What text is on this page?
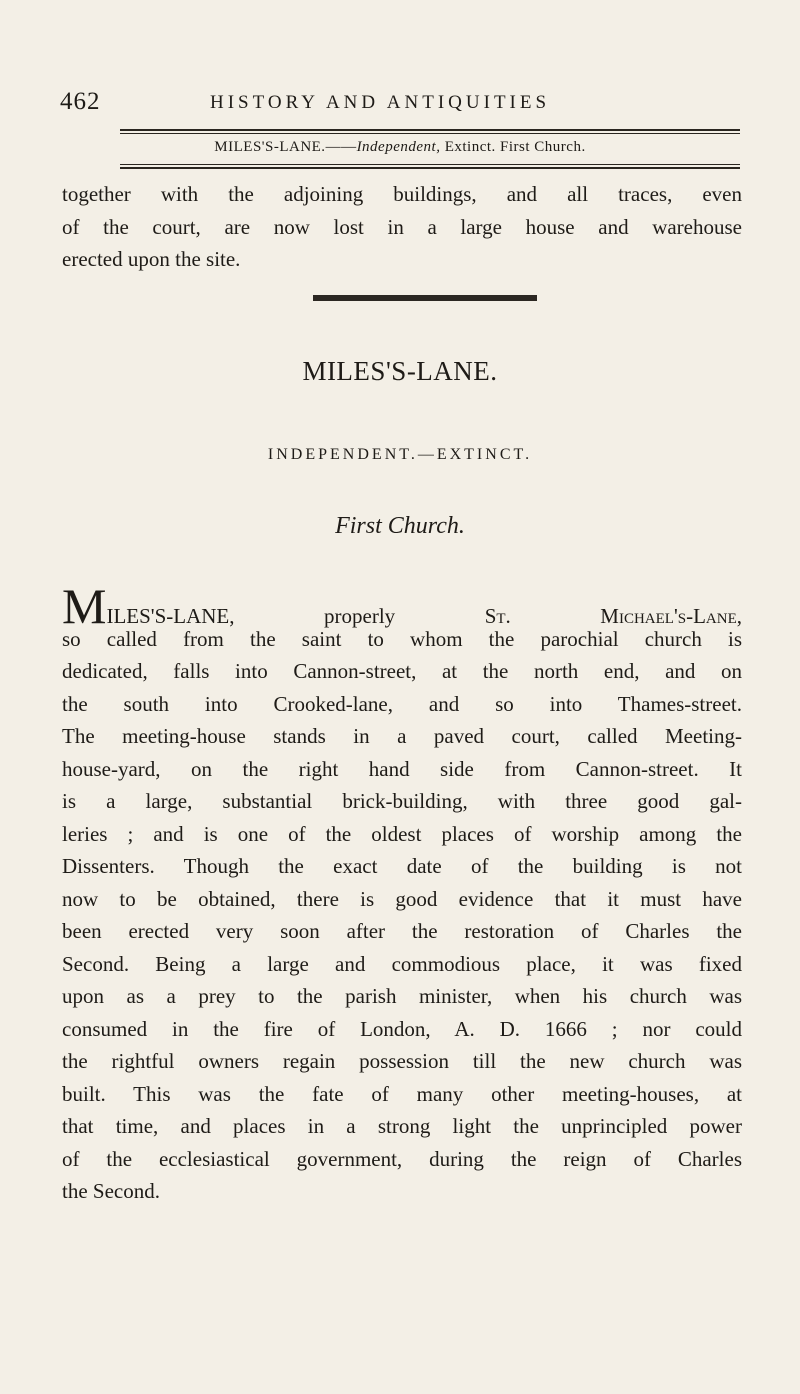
462	HISTORY AND ANTIQUITIES
MILES'S-LANE.——Independent, Extinct. First Church.
together with the adjoining buildings, and all traces, even
of the court, are now lost in a large house and warehouse
erected upon the site.
MILES'S-LANE.
INDEPENDENT.—EXTINCT.
First Church.
MILES'S-LANE, properly St. Michael's-Lane,
so called from the saint to whom the parochial church is
dedicated, falls into Cannon-street, at the north end, and on
the south into Crooked-lane, and so into Thames-street.
The meeting-house stands in a paved court, called Meeting-
house-yard, on the right hand side from Cannon-street. It
is a large, substantial brick-building, with three good gal-
leries ; and is one of the oldest places of worship among the
Dissenters. Though the exact date of the building is not
now to be obtained, there is good evidence that it must have
been erected very soon after the restoration of Charles the
Second. Being a large and commodious place, it was fixed
upon as a prey to the parish minister, when his church was
consumed in the fire of London, A. D. 1666 ; nor could
the rightful owners regain possession till the new church was
built. This was the fate of many other meeting-houses, at
that time, and places in a strong light the unprincipled power
of the ecclesiastical government, during the reign of Charles
the Second.
